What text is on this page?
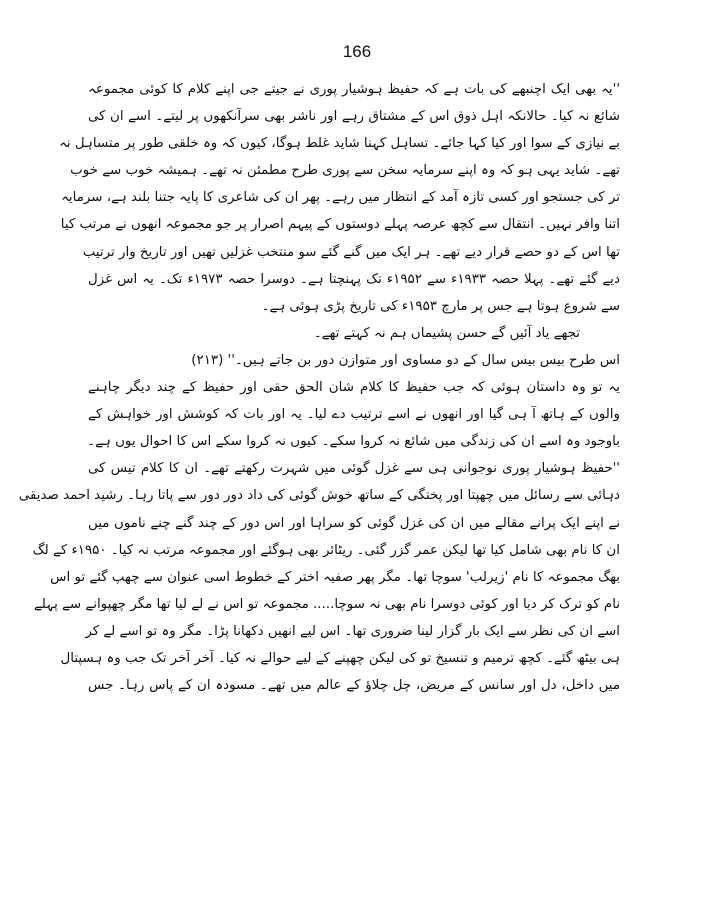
166
''یہ بھی ایک اچنبھے کی بات ہے کہ حفیظ ہوشیار پوری نے جیتے جی اپنے کلام کا کوئی مجموعہ
شائع نہ کیا۔ حالانکہ اہل ذوق اس کے مشتاق رہے اور ناشر بھی سرآنکھوں پر لیتے۔ اسے ان کی
بے نیازی کے سوا اور کیا کہا جائے۔ تساہل کہنا شاید غلط ہوگا، کیوں کہ وہ خلقی طور پر متساہل نہ
تھے۔ شاید یہی ہو کہ وہ اپنے سرمایہ سخن سے پوری طرح مطمئن نہ تھے۔ ہمیشہ خوب سے خوب
تر کی جستجو اور کسی تازہ آمد کے انتظار میں رہے۔ پھر ان کی شاعری کا پایہ جتنا بلند ہے، سرمایہ
اتنا وافر نہیں۔ انتقال سے کچھ عرصہ پہلے دوستوں کے پیہم اصرار پر جو مجموعہ انھوں نے مرتب کیا
تھا اس کے دو حصے قرار دیے تھے۔ ہر ایک میں گنے گئے سو منتخب غزلیں تھیں اور تاریخ وار ترتیب
دیے گئے تھے۔ پہلا حصہ ۱۹۳۳ء سے ۱۹۵۲ء تک پہنچتا ہے۔ دوسرا حصہ ۱۹۷۳ء تک۔ یہ اس غزل
سے شروع ہوتا ہے جس پر مارچ ۱۹۵۳ء کی تاریخ پڑی ہوئی ہے۔
تجھے یاد آئیں گے حسن پشیماں ہم نہ کہتے تھے۔
اس طرح بیس بیس سال کے دو مساوی اور متوازن دور بن جاتے ہیں۔'' (۲۱۳)
یہ تو وہ داستان ہوئی کہ جب حفیظ کا کلام شان الحق حقی اور حفیظ کے چند دیگر چاہنے
والوں کے ہاتھ آ ہی گیا اور انھوں نے اسے ترتیب دے لیا۔ یہ اور بات کہ کوشش اور خواہش کے
باوجود وہ اسے ان کی زندگی میں شائع نہ کروا سکے۔ کیوں نہ کروا سکے اس کا احوال یوں ہے۔
''حفیظ ہوشیار پوری نوجوانی ہی سے غزل گوئی میں شہرت رکھتے تھے۔ ان کا کلام تیس کی
دہائی سے رسائل میں چھپتا اور پختگی کے ساتھ خوش گوئی کی داد دور دور سے پاتا رہا۔ رشید احمد صدیقی
نے اپنے ایک پرانے مقالے میں ان کی غزل گوئی کو سراہا اور اس دور کے چند گنے چنے ناموں میں
ان کا نام بھی شامل کیا تھا لیکن عمر گزر گئی۔ ریٹائر بھی ہوگئے اور مجموعہ مرتب نہ کیا۔ ۱۹۵۰ء کے لگ
بھگ مجموعہ کا نام 'زیرلب' سوچا تھا۔ مگر پھر صفیہ اختر کے خطوط اسی عنوان سے چھپ گئے تو اس
نام کو ترک کر دیا اور کوئی دوسرا نام بھی نہ سوچا..... مجموعہ تو اس نے لے لیا تھا مگر چھپوانے سے پہلے
اسے ان کی نظر سے ایک بار گزار لینا ضروری تھا۔ اس لیے انھیں دکھانا پڑا۔ مگر وہ تو اسے لے کر
ہی بیٹھ گئے۔ کچھ ترمیم و تنسیخ تو کی لیکن چھپنے کے لیے حوالے نہ کیا۔ آخر آخر تک جب وہ ہسپتال
میں داخل، دل اور سانس کے مریض، چل چلاؤ کے عالم میں تھے۔ مسودہ ان کے پاس رہا۔ جس
